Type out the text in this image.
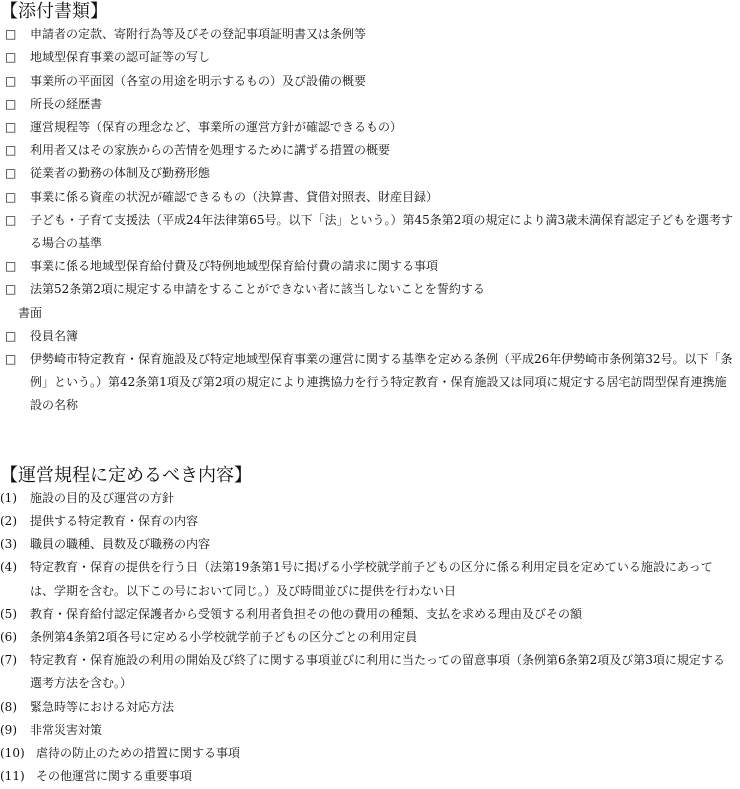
【添付書類】
□ 申請者の定款、寄附行為等及びその登記事項証明書又は条例等
□ 地域型保育事業の認可証等の写し
□ 事業所の平面図（各室の用途を明示するもの）及び設備の概要
□ 所長の経歴書
□ 運営規程等（保育の理念など、事業所の運営方針が確認できるもの）
□ 利用者又はその家族からの苦情を処理するために講ずる措置の概要
□ 従業者の勤務の体制及び勤務形態
□ 事業に係る資産の状況が確認できるもの（決算書、貸借対照表、財産目録）
□	子ども・子育て支援法（平成24年法律第65号。以下「法」という。）第45条第2項の規定により満3歳未満保育認定子どもを選考する場合の基準
□ 事業に係る地域型保育給付費及び特例地域型保育給付費の請求に関する事項
□ 法第52条第2項に規定する申請をすることができない者に該当しないことを誓約する
書面
□ 役員名簿
□	伊勢崎市特定教育・保育施設及び特定地域型保育事業の運営に関する基準を定める条例（平成26年伊勢崎市条例第32号。以下「条例」という。）第42条第1項及び第2項の規定により連携協力を行う特定教育・保育施設又は同項に規定する居宅訪問型保育連携施設の名称
【運営規程に定めるべき内容】
(1)	施設の目的及び運営の方針
(2)	提供する特定教育・保育の内容
(3)	職員の職種、員数及び職務の内容
(4)	特定教育・保育の提供を行う日（法第19条第1号に掲げる小学校就学前子どもの区分に係る利用定員を定めている施設にあっては、学期を含む。以下この号において同じ。）及び時間並びに提供を行わない日
(5)	教育・保育給付認定保護者から受領する利用者負担その他の費用の種類、支払を求める理由及びその額
(6)	条例第4条第2項各号に定める小学校就学前子どもの区分ごとの利用定員
(7)	特定教育・保育施設の利用の開始及び終了に関する事項並びに利用に当たっての留意事項（条例第6条第2項及び第3項に規定する選考方法を含む。）
(8)	緊急時等における対応方法
(9)	非常災害対策
(10) 虐待の防止のための措置に関する事項
(11) その他運営に関する重要事項
